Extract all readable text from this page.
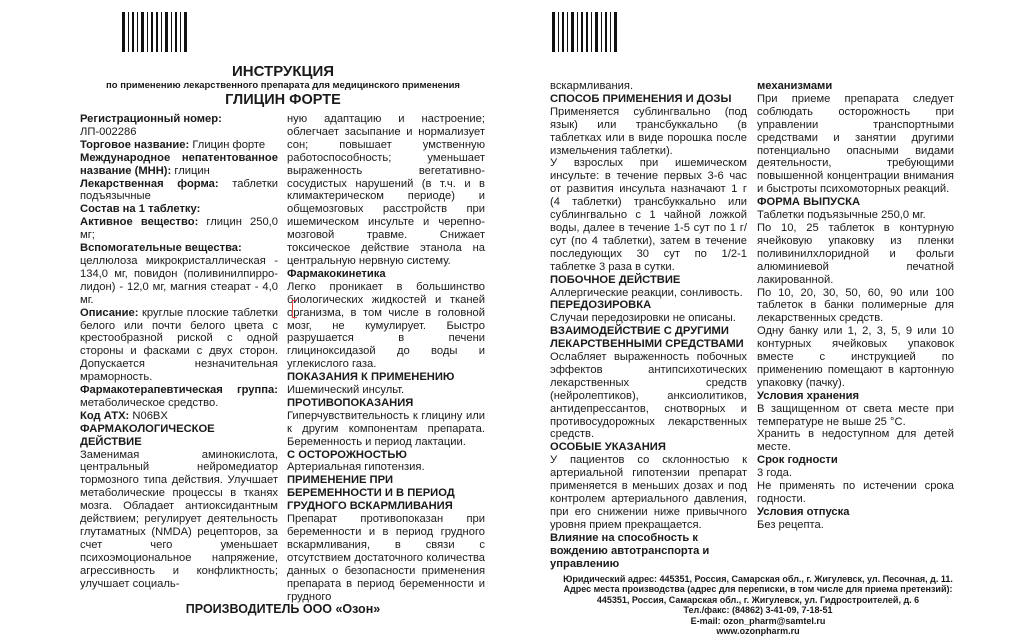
ИНСТРУКЦИЯ
по применению лекарственного препарата для медицинского применения
ГЛИЦИН ФОРТЕ

Регистрационный номер:

ЛП-002286

Торговое название: Глицин форте

Международное непатентованное название (МНН): глицин

Лекарственная форма: таблетки подъязычные

Состав на 1 таблетку:

Активное вещество: глицин 250,0 мг;

Вспомогательные вещества:

целлюлоза микрокристаллическая - 134,0 мг, повидон (поливинилпирро-лидон) - 12,0 мг, магния стеарат - 4,0 мг.

Описание: круглые плоские таблетки белого или почти белого цвета с крестообразной риской с одной стороны и фасками с двух сторон. Допускается незначительная мраморность.

Фармакотерапевтическая группа: метаболическое средство.

Код АТХ: N06BX

ФАРМАКОЛОГИЧЕСКОЕ ДЕЙСТВИЕ

Заменимая аминокислота, центральный нейромедиатор тормозного типа действия. Улучшает метаболические процессы в тканях мозга. Обладает антиоксидантным действием; регулирует деятельность глутаматных (NMDA) рецепторов, за счет чего уменьшает психоэмоциональное напряжение, агрессивность и конфликтность; улучшает социаль-

ную адаптацию и настроение; облегчает засыпание и нормализует сон; повышает умственную работоспособность; уменьшает выраженность вегетативно-сосудистых нарушений (в т.ч. и в климактерическом периоде) и общемозговых расстройств при ишемическом инсульте и черепно-мозговой травме. Снижает токсическое действие этанола на центральную нервную систему.

Фармакокинетика

Легко проникает в большинство биологических жидкостей и тканей организма, в том числе в головной мозг, не кумулирует. Быстро разрушается в печени глициноксидазой до воды и углекислого газа.

ПОКАЗАНИЯ К ПРИМЕНЕНИЮ

Ишемический инсульт.

ПРОТИВОПОКАЗАНИЯ

Гиперчувствительность к глицину или к другим компонентам препарата. Беременность и период лактации.

С ОСТОРОЖНОСТЬЮ

Артериальная гипотензия.

ПРИМЕНЕНИЕ ПРИ БЕРЕМЕННОСТИ И В ПЕРИОД ГРУДНОГО ВСКАРМЛИВАНИЯ

Препарат противопоказан при беременности и в период грудного вскармливания, в связи с отсутствием достаточного количества данных о безопасности применения препарата в период беременности и грудного

вскармливания.

СПОСОБ ПРИМЕНЕНИЯ И ДОЗЫ

Применяется сублингвально (под язык) или трансбуккально (в таблетках или в виде порошка после измельчения таблетки).

У взрослых при ишемическом инсульте: в течение первых 3-6 час от развития инсульта назначают 1 г (4 таблетки) трансбуккально или сублингвально с 1 чайной ложкой воды, далее в течение 1-5 сут по 1 г/сут (по 4 таблетки), затем в течение последующих 30 сут по 1/2-1 таблетке 3 раза в сутки.

ПОБОЧНОЕ ДЕЙСТВИЕ

Аллергические реакции, сонливость.

ПЕРЕДОЗИРОВКА

Случаи передозировки не описаны.

ВЗАИМОДЕЙСТВИЕ С ДРУГИМИ ЛЕКАРСТВЕННЫМИ СРЕДСТВАМИ

Ослабляет выраженность побочных эффектов антипсихотических лекарственных средств (нейролептиков), анксиолитиков, антидепрессантов, снотворных и противосудорожных лекарственных средств.

ОСОБЫЕ УКАЗАНИЯ

У пациентов со склонностью к артериальной гипотензии препарат применяется в меньших дозах и под контролем артериального давления, при его снижении ниже привычного уровня прием прекращается.

Влияние на способность к вождению автотранспорта и управлению

механизмами

При приеме препарата следует соблюдать осторожность при управлении транспортными средствами и занятии другими потенциально опасными видами деятельности, требующими повышенной концентрации внимания и быстроты психомоторных реакций.

ФОРМА ВЫПУСКА

Таблетки подъязычные 250,0 мг.

По 10, 25 таблеток в контурную ячейковую упаковку из пленки поливинилхлоридной и фольги алюминиевой печатной лакированной.

По 10, 20, 30, 50, 60, 90 или 100 таблеток в банки полимерные для лекарственных средств.

Одну банку или 1, 2, 3, 5, 9 или 10 контурных ячейковых упаковок вместе с инструкцией по применению помещают в картонную упаковку (пачку).

Условия хранения

В защищенном от света месте при температуре не выше 25 °С.

Хранить в недоступном для детей месте.

Срок годности

3 года.

Не применять по истечении срока годности.

Условия отпуска

Без рецепта.

ПРОИЗВОДИТЕЛЬ ООО «Озон»
Юридический адрес: 445351, Россия, Самарская обл., г. Жигулевск, ул. Песочная, д. 11.
Адрес места производства (адрес для переписки, в том числе для приема претензий):
445351, Россия, Самарская обл., г. Жигулевск, ул. Гидростроителей, д. 6
Тел./факс: (84862) 3-41-09, 7-18-51
E-mail: ozon_pharm@samtel.ru
www.ozonpharm.ru
